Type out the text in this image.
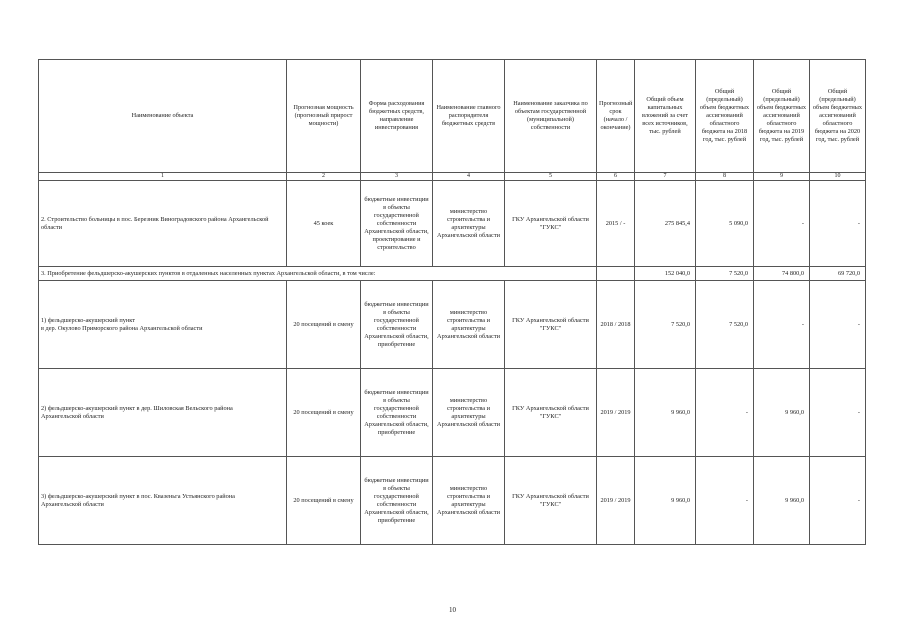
Наименование объекта	Прогнозная мощность (прогнозный прирост мощности)	Форма расходования бюджетных средств, направление инвестирования	Наименование главного распорядителя бюджетных средств	Наименование заказчика по объектам государственной (муниципальной) собственности	Прогнозный срок (начало / окончание)	Общий объем капитальных вложений за счет всех источников, тыс. рублей	Общий (предельный) объем бюджетных ассигнований областного бюджета на 2018 год, тыс. рублей	Общий (предельный) объем бюджетных ассигнований областного бюджета на 2019 год, тыс. рублей	Общий (предельный) объем бюджетных ассигнований областного бюджета на 2020 год, тыс. рублей
1	2	3	4	5	6	7	8	9	10
2. Строительство больницы в пос. Березник Виноградовского района Архангельской области	45 коек	бюджетные инвестиции в объекты государственной собственности Архангельской области, проектирование и строительство	министерство строительства и архитектуры Архангельской области	ГКУ Архангельской области "ГУКС"	2015 / -	275 845,4	5 090,0	-	-
3. Приобретение фельдшерско-акушерских пунктов в отдаленных населенных пунктах Архангельской области, в том числе:						152 040,0	7 520,0	74 800,0	69 720,0
1) фельдшерско-акушерский пункт
в дер. Окулово Приморского района Архангельской области	20 посещений в смену	бюджетные инвестиции в объекты государственной собственности Архангельской области, приобретение	министерство строительства и архитектуры Архангельской области	ГКУ Архангельской области "ГУКС"	2018 / 2018	7 520,0	7 520,0	-	-
2) фельдшерско-акушерский пункт в дер. Шиловская Вельского района
Архангельской области	20 посещений в смену	бюджетные инвестиции в объекты государственной собственности Архангельской области, приобретение	министерство строительства и архитектуры Архангельской области	ГКУ Архангельской области "ГУКС"	2019 / 2019	9 960,0	-	9 960,0	-
3) фельдшерско-акушерский пункт в пос. Квазеньга Устьянского района
Архангельской области	20 посещений в смену	бюджетные инвестиции в объекты государственной собственности Архангельской области, приобретение	министерство строительства и архитектуры Архангельской области	ГКУ Архангельской области "ГУКС"	2019 / 2019	9 960,0	-	9 960,0	-
10
